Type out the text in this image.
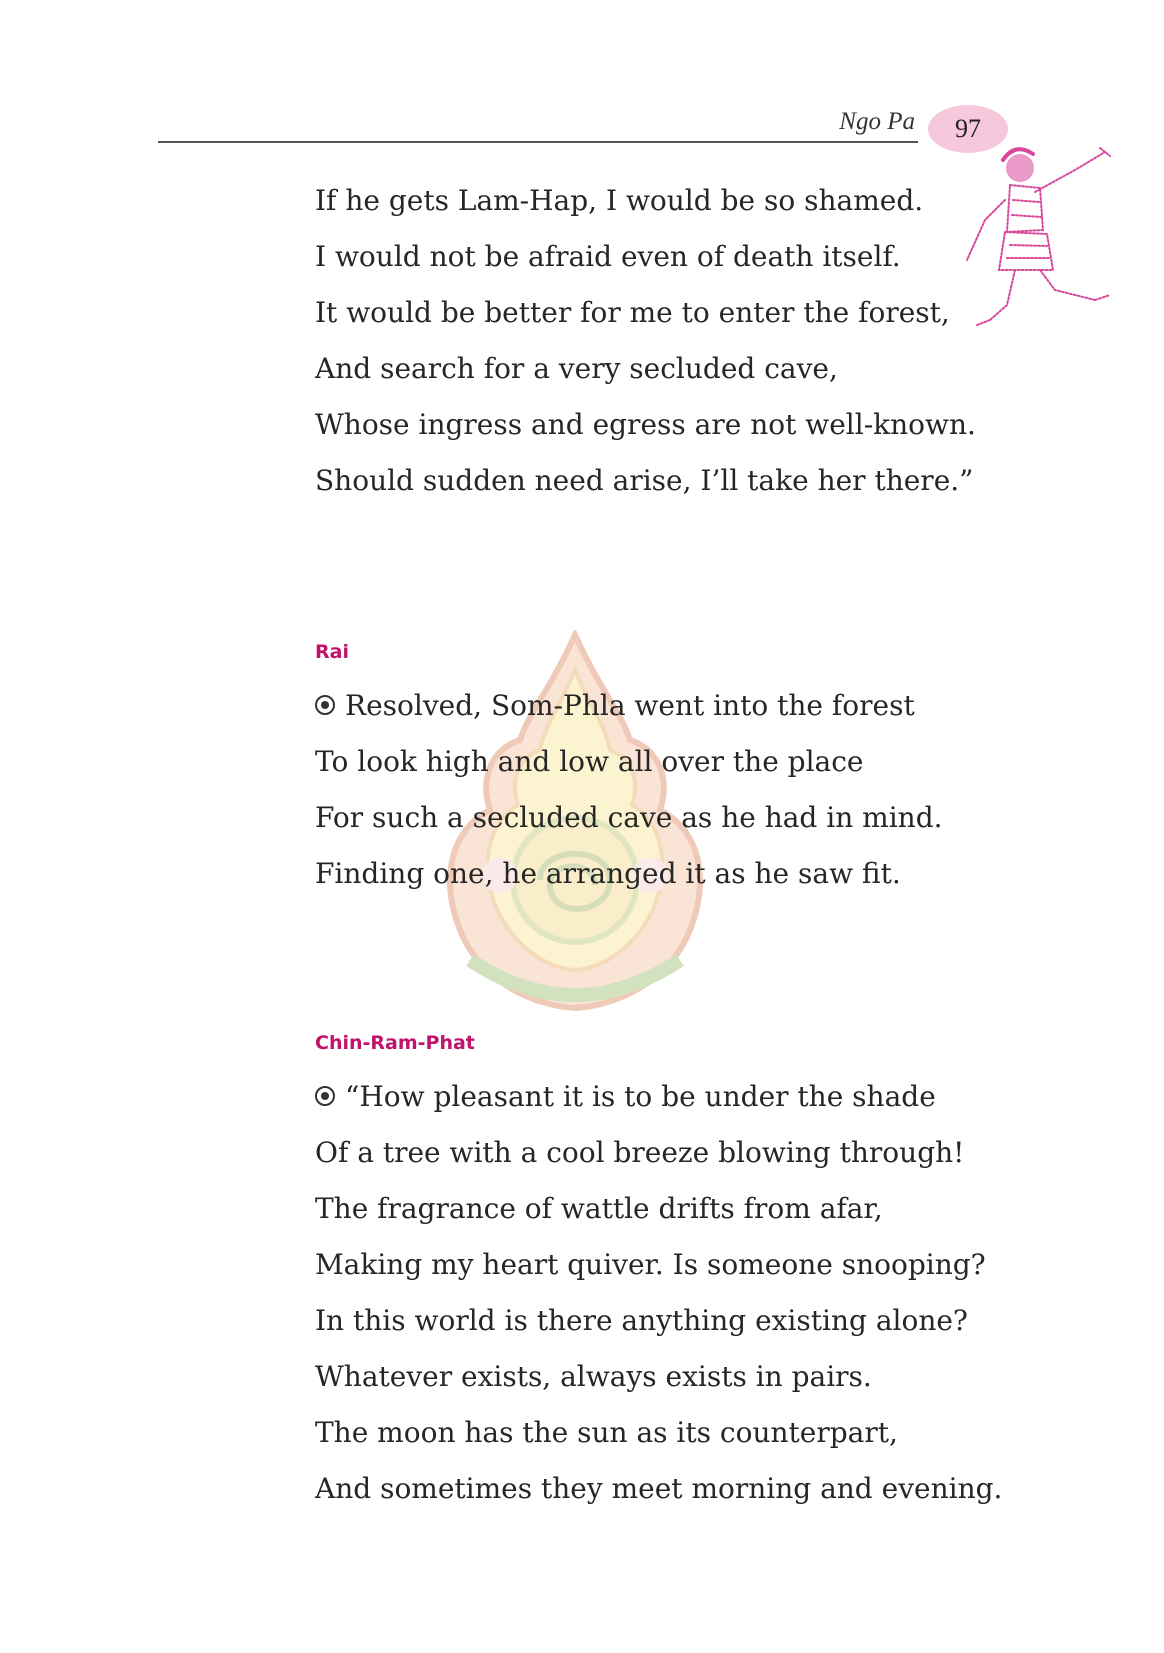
Ngo Pa	97
If he gets Lam-Hap, I would be so shamed.
I would not be afraid even of death itself.
It would be better for me to enter the forest,
And search for a very secluded cave,
Whose ingress and egress are not well-known.
Should sudden need arise, I’ll take her there.”
Rai
Resolved, Som-Phla went into the forest
To look high and low all over the place
For such a secluded cave as he had in mind.
Finding one, he arranged it as he saw fit.
Chin-Ram-Phat
“How pleasant it is to be under the shade
Of a tree with a cool breeze blowing through!
The fragrance of wattle drifts from afar,
Making my heart quiver. Is someone snooping?
In this world is there anything existing alone?
Whatever exists, always exists in pairs.
The moon has the sun as its counterpart,
And sometimes they meet morning and evening.
